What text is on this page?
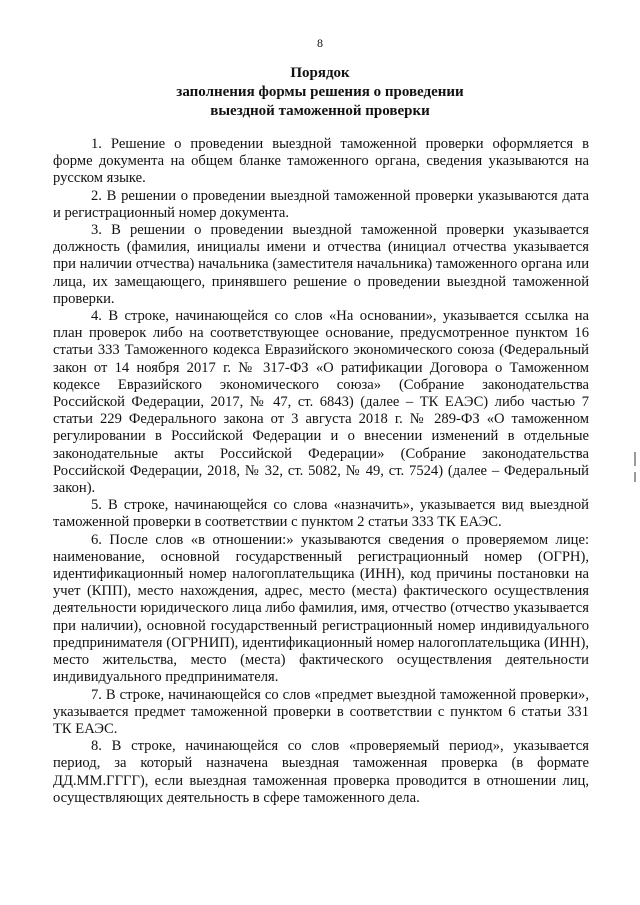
8
Порядок
заполнения формы решения о проведении
выездной таможенной проверки

1. Решение о проведении выездной таможенной проверки оформляется в форме документа на общем бланке таможенного органа, сведения указываются на русском языке.

2. В решении о проведении выездной таможенной проверки указываются дата и регистрационный номер документа.

3. В решении о проведении выездной таможенной проверки указывается должность (фамилия, инициалы имени и отчества (инициал отчества указывается при наличии отчества) начальника (заместителя начальника) таможенного органа или лица, их замещающего, принявшего решение о проведении выездной таможенной проверки.

4. В строке, начинающейся со слов «На основании», указывается ссылка на план проверок либо на соответствующее основание, предусмотренное пунктом 16 статьи 333 Таможенного кодекса Евразийского экономического союза (Федеральный закон от 14 ноября 2017 г. № 317-ФЗ «О ратификации Договора о Таможенном кодексе Евразийского экономического союза» (Собрание законодательства Российской Федерации, 2017, № 47, ст. 6843) (далее – ТК ЕАЭС) либо частью 7 статьи 229 Федерального закона от 3 августа 2018 г. № 289-ФЗ «О таможенном регулировании в Российской Федерации и о внесении изменений в отдельные законодательные акты Российской Федерации» (Собрание законодательства Российской Федерации, 2018, № 32, ст. 5082, № 49, ст. 7524) (далее – Федеральный закон).

5. В строке, начинающейся со слова «назначить», указывается вид выездной таможенной проверки в соответствии с пунктом 2 статьи 333 ТК ЕАЭС.

6. После слов «в отношении:» указываются сведения о проверяемом лице: наименование, основной государственный регистрационный номер (ОГРН), идентификационный номер налогоплательщика (ИНН), код причины постановки на учет (КПП), место нахождения, адрес, место (места) фактического осуществления деятельности юридического лица либо фамилия, имя, отчество (отчество указывается при наличии), основной государственный регистрационный номер индивидуального предпринимателя (ОГРНИП), идентификационный номер налогоплательщика (ИНН), место жительства, место (места) фактического осуществления деятельности индивидуального предпринимателя.

7. В строке, начинающейся со слов «предмет выездной таможенной проверки», указывается предмет таможенной проверки в соответствии с пунктом 6 статьи 331 ТК ЕАЭС.

8. В строке, начинающейся со слов «проверяемый период», указывается период, за который назначена выездная таможенная проверка (в формате ДД.ММ.ГГГГ), если выездная таможенная проверка проводится в отношении лиц, осуществляющих деятельность в сфере таможенного дела.
